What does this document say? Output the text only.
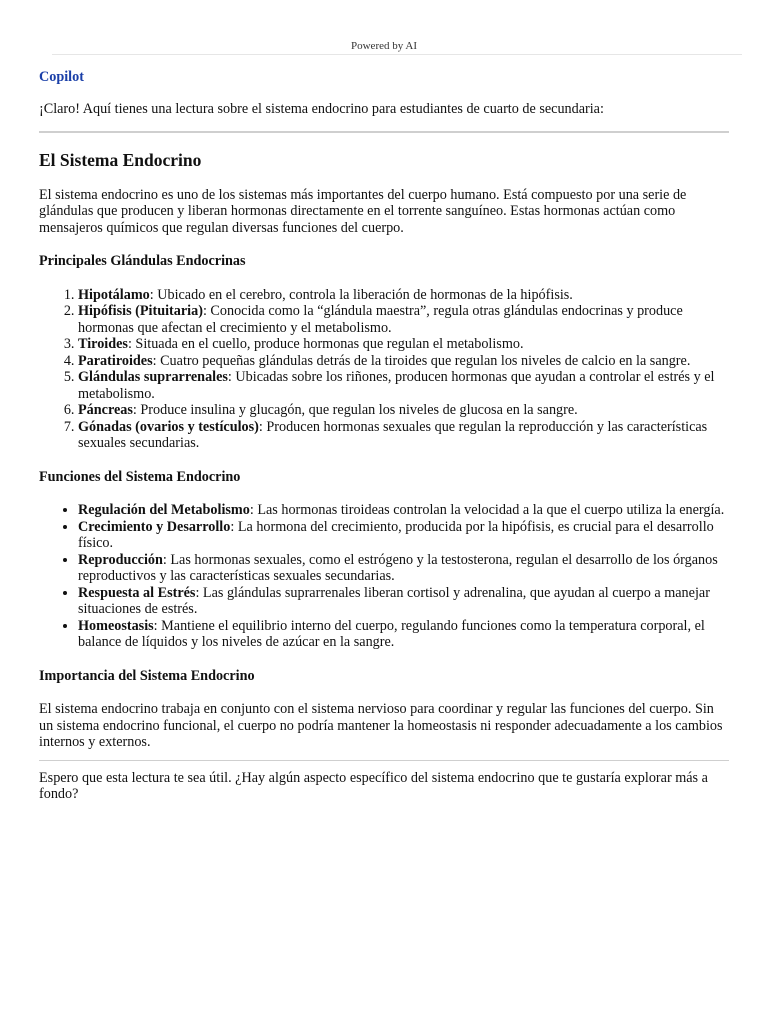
Powered by AI
Copilot

¡Claro! Aquí tienes una lectura sobre el sistema endocrino para estudiantes de cuarto de secundaria:

El Sistema Endocrino

El sistema endocrino es uno de los sistemas más importantes del cuerpo humano. Está compuesto por una serie de glándulas que producen y liberan hormonas directamente en el torrente sanguíneo. Estas hormonas actúan como mensajeros químicos que regulan diversas funciones del cuerpo.

Principales Glándulas Endocrinas
1. Hipotálamo: Ubicado en el cerebro, controla la liberación de hormonas de la hipófisis.
2. Hipófisis (Pituitaria): Conocida como la “glándula maestra”, regula otras glándulas endocrinas y produce hormonas que afectan el crecimiento y el metabolismo.
3. Tiroides: Situada en el cuello, produce hormonas que regulan el metabolismo.
4. Paratiroides: Cuatro pequeñas glándulas detrás de la tiroides que regulan los niveles de calcio en la sangre.
5. Glándulas suprarrenales: Ubicadas sobre los riñones, producen hormonas que ayudan a controlar el estrés y el metabolismo.
6. Páncreas: Produce insulina y glucagón, que regulan los niveles de glucosa en la sangre.
7. Gónadas (ovarios y testículos): Producen hormonas sexuales que regulan la reproducción y las características sexuales secundarias.
Funciones del Sistema Endocrino
• Regulación del Metabolismo: Las hormonas tiroideas controlan la velocidad a la que el cuerpo utiliza la energía.
• Crecimiento y Desarrollo: La hormona del crecimiento, producida por la hipófisis, es crucial para el desarrollo físico.
• Reproducción: Las hormonas sexuales, como el estrógeno y la testosterona, regulan el desarrollo de los órganos reproductivos y las características sexuales secundarias.
• Respuesta al Estrés: Las glándulas suprarrenales liberan cortisol y adrenalina, que ayudan al cuerpo a manejar situaciones de estrés.
• Homeostasis: Mantiene el equilibrio interno del cuerpo, regulando funciones como la temperatura corporal, el balance de líquidos y los niveles de azúcar en la sangre.
Importancia del Sistema Endocrino

El sistema endocrino trabaja en conjunto con el sistema nervioso para coordinar y regular las funciones del cuerpo. Sin un sistema endocrino funcional, el cuerpo no podría mantener la homeostasis ni responder adecuadamente a los cambios internos y externos.

Espero que esta lectura te sea útil. ¿Hay algún aspecto específico del sistema endocrino que te gustaría explorar más a fondo?
